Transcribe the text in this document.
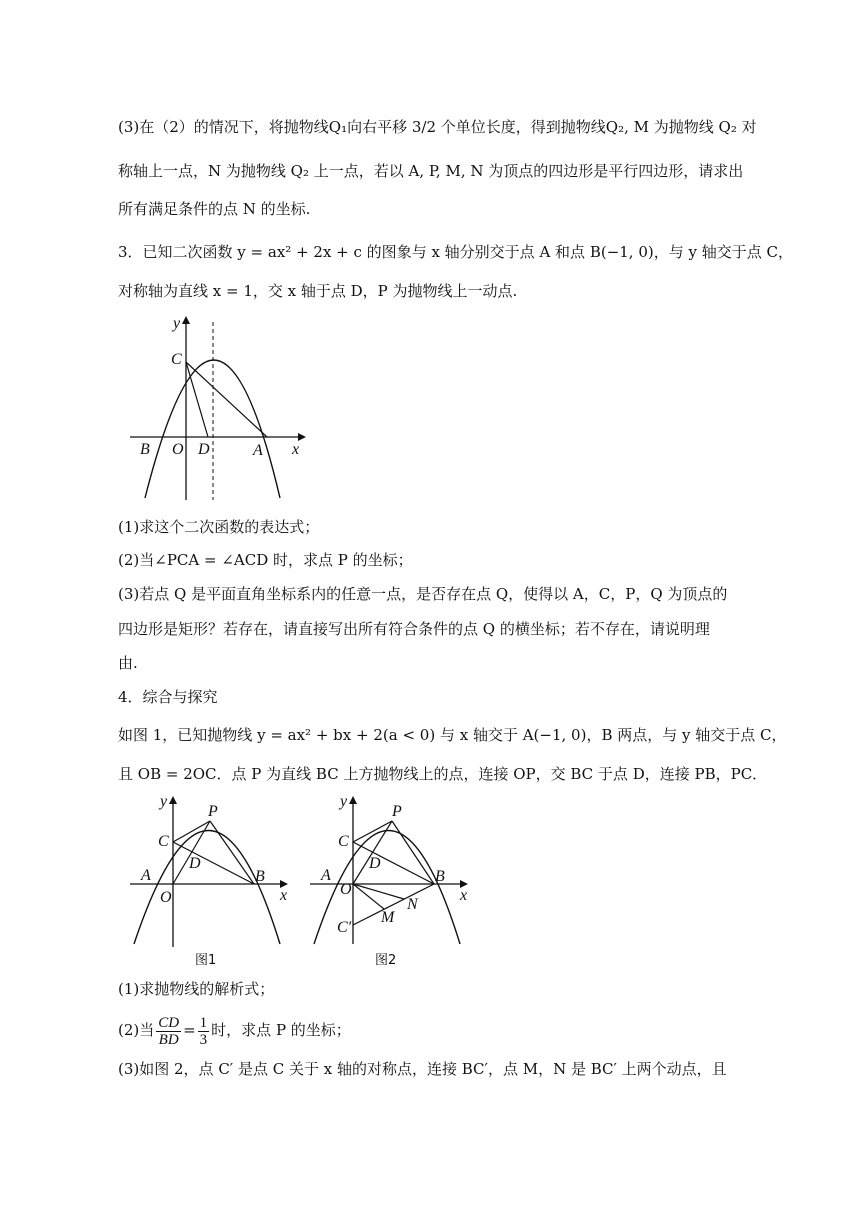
(3)在（2）的情况下，将抛物线Q₁向右平移 3/2 个单位长度，得到抛物线Q₂, M 为抛物线 Q₂ 对
称轴上一点，N 为抛物线 Q₂ 上一点，若以 A, P, M, N 为顶点的四边形是平行四边形，请求出
所有满足条件的点 N 的坐标.
3．已知二次函数 y = ax² + 2x + c 的图象与 x 轴分别交于点 A 和点 B(−1, 0)，与 y 轴交于点 C，
对称轴为直线 x = 1，交 x 轴于点 D，P 为抛物线上一动点.
y
x
C
B O D	A
(1)求这个二次函数的表达式；
(2)当∠PCA = ∠ACD 时，求点 P 的坐标；
(3)若点 Q 是平面直角坐标系内的任意一点，是否存在点 Q，使得以 A，C，P，Q 为顶点的
四边形是矩形？若存在，请直接写出所有符合条件的点 Q 的横坐标；若不存在，请说明理
由.
4．综合与探究
如图 1，已知抛物线 y = ax² + bx + 2(a < 0) 与 x 轴交于 A(−1, 0)，B 两点，与 y 轴交于点 C，
且 OB = 2OC．点 P 为直线 BC 上方抛物线上的点，连接 OP，交 BC 于点 D，连接 PB，PC．
y
x
P
C
D
A
O
B
图1
y
x
P
C
D
A
O
B
N
M
C′
图2
(1)求抛物线的解析式；
(2)当 $\frac{CD}{BD} = \frac{1}{3}$ 时，求点 P 的坐标；
(3)如图 2，点 C′ 是点 C 关于 x 轴的对称点，连接 BC′，点 M，N 是 BC′ 上两个动点，且
